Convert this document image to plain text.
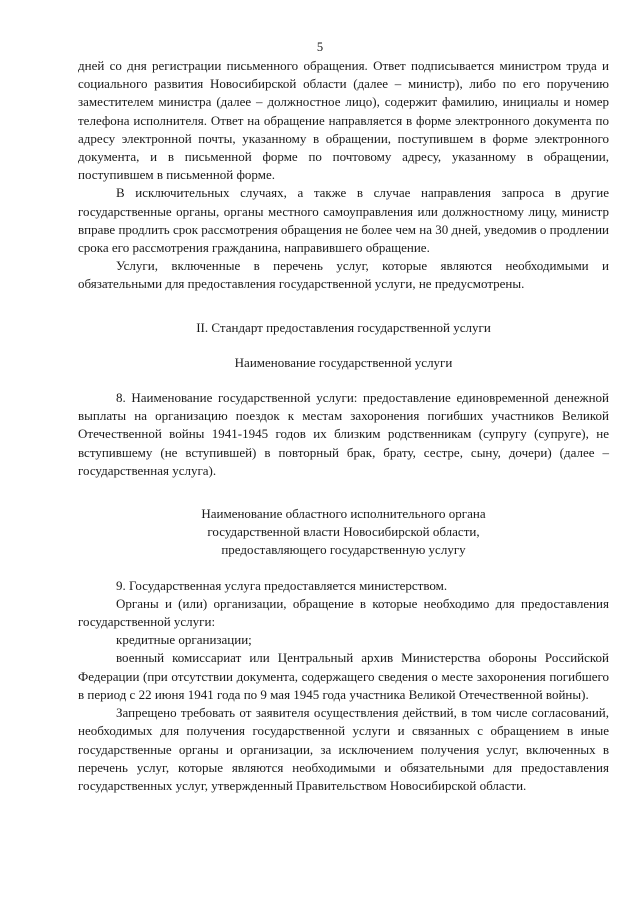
5

дней со дня регистрации письменного обращения. Ответ подписывается министром труда и социального развития Новосибирской области (далее – министр), либо по его поручению заместителем министра (далее – должностное лицо), содержит фамилию, инициалы и номер телефона исполнителя. Ответ на обращение направляется в форме электронного документа по адресу электронной почты, указанному в обращении, поступившем в форме электронного документа, и в письменной форме по почтовому адресу, указанному в обращении, поступившем в письменной форме.

В исключительных случаях, а также в случае направления запроса в другие государственные органы, органы местного самоуправления или должностному лицу, министр вправе продлить срок рассмотрения обращения не более чем на 30 дней, уведомив о продлении срока его рассмотрения гражданина, направившего обращение.

Услуги, включенные в перечень услуг, которые являются необходимыми и обязательными для предоставления государственной услуги, не предусмотрены.

II. Стандарт предоставления государственной услуги

Наименование государственной услуги

8. Наименование государственной услуги: предоставление единовременной денежной выплаты на организацию поездок к местам захоронения погибших участников Великой Отечественной войны 1941-1945 годов их близким родственникам (супругу (супруге), не вступившему (не вступившей) в повторный брак, брату, сестре, сыну, дочери) (далее – государственная услуга).

Наименование областного исполнительного органа

государственной власти Новосибирской области,

предоставляющего государственную услугу

9. Государственная услуга предоставляется министерством.

Органы и (или) организации, обращение в которые необходимо для предоставления государственной услуги:

кредитные организации;

военный комиссариат или Центральный архив Министерства обороны Российской Федерации (при отсутствии документа, содержащего сведения о месте захоронения погибшего в период с 22 июня 1941 года по 9 мая 1945 года участника Великой Отечественной войны).

Запрещено требовать от заявителя осуществления действий, в том числе согласований, необходимых для получения государственной услуги и связанных с обращением в иные государственные органы и организации, за исключением получения услуг, включенных в перечень услуг, которые являются необходимыми и обязательными для предоставления государственных услуг, утвержденный Правительством Новосибирской области.
